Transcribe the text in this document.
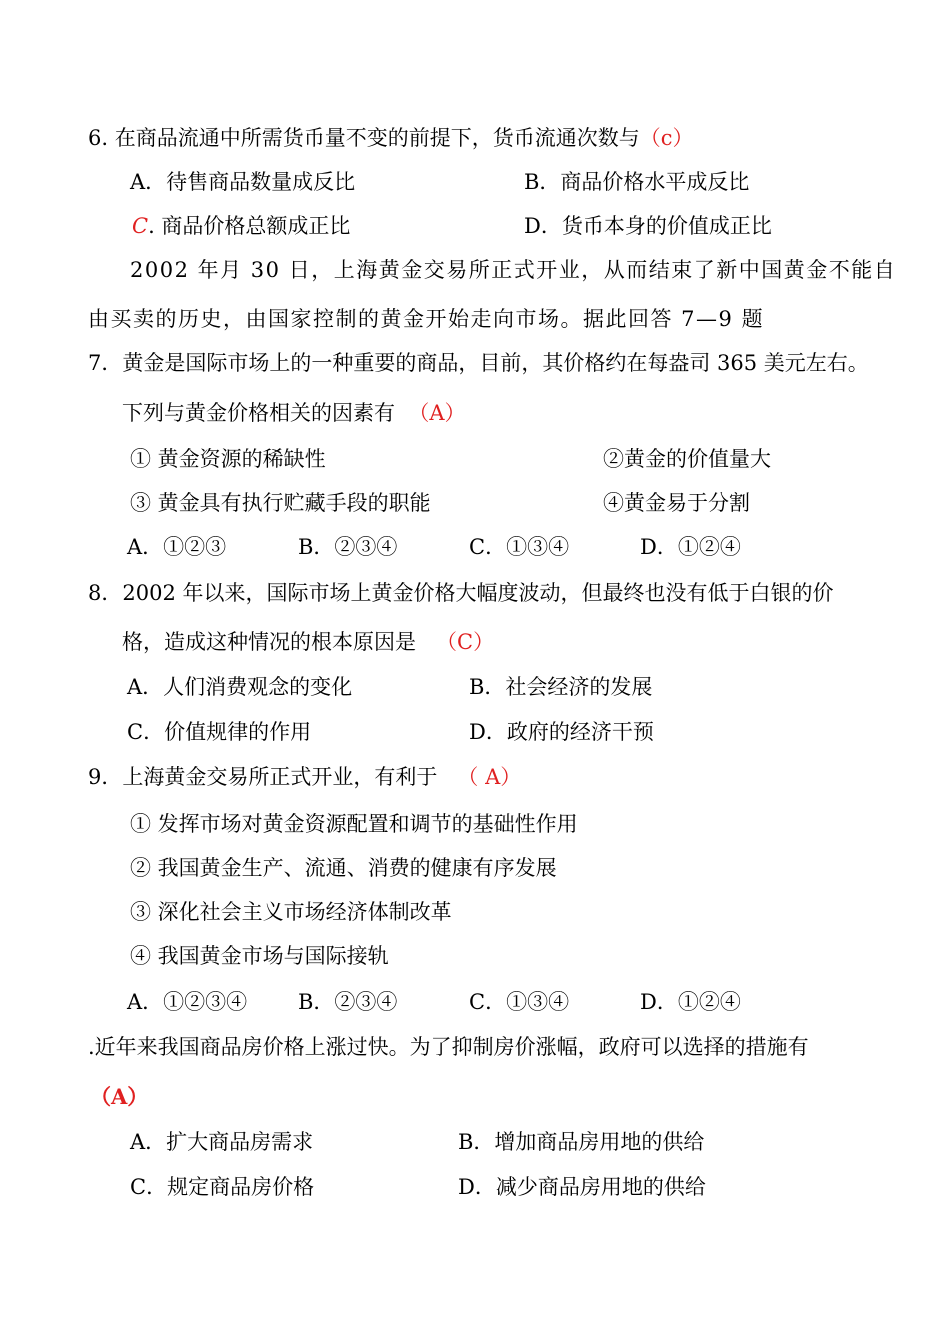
6. 在商品流通中所需货币量不变的前提下，货币流通次数与（c）
A．待售商品数量成反比	B．商品价格水平成反比
C. 商品价格总额成正比	D．货币本身的价值成正比
2002 年月 30 日，上海黄金交易所正式开业，从而结束了新中国黄金不能自
由买卖的历史，由国家控制的黄金开始走向市场。据此回答 7—9 题
7．黄金是国际市场上的一种重要的商品，目前，其价格约在每盎司 365 美元左右。
下列与黄金价格相关的因素有 （A）
① 黄金资源的稀缺性	②黄金的价值量大
③ 黄金具有执行贮藏手段的职能	④黄金易于分割
A．①②③	B．②③④	C．①③④	D．①②④
8．2002 年以来，国际市场上黄金价格大幅度波动，但最终也没有低于白银的价
格，造成这种情况的根本原因是 （C）
A．人们消费观念的变化	B．社会经济的发展
C．价值规律的作用	D．政府的经济干预
9．上海黄金交易所正式开业，有利于 （ A）
① 发挥市场对黄金资源配置和调节的基础性作用
② 我国黄金生产、流通、消费的健康有序发展
③ 深化社会主义市场经济体制改革
④ 我国黄金市场与国际接轨
A．①②③④ B．②③④	C．①③④	D．①②④
.近年来我国商品房价格上涨过快。为了抑制房价涨幅，政府可以选择的措施有
（A）
A．扩大商品房需求	B．增加商品房用地的供给
C．规定商品房价格	D．减少商品房用地的供给
